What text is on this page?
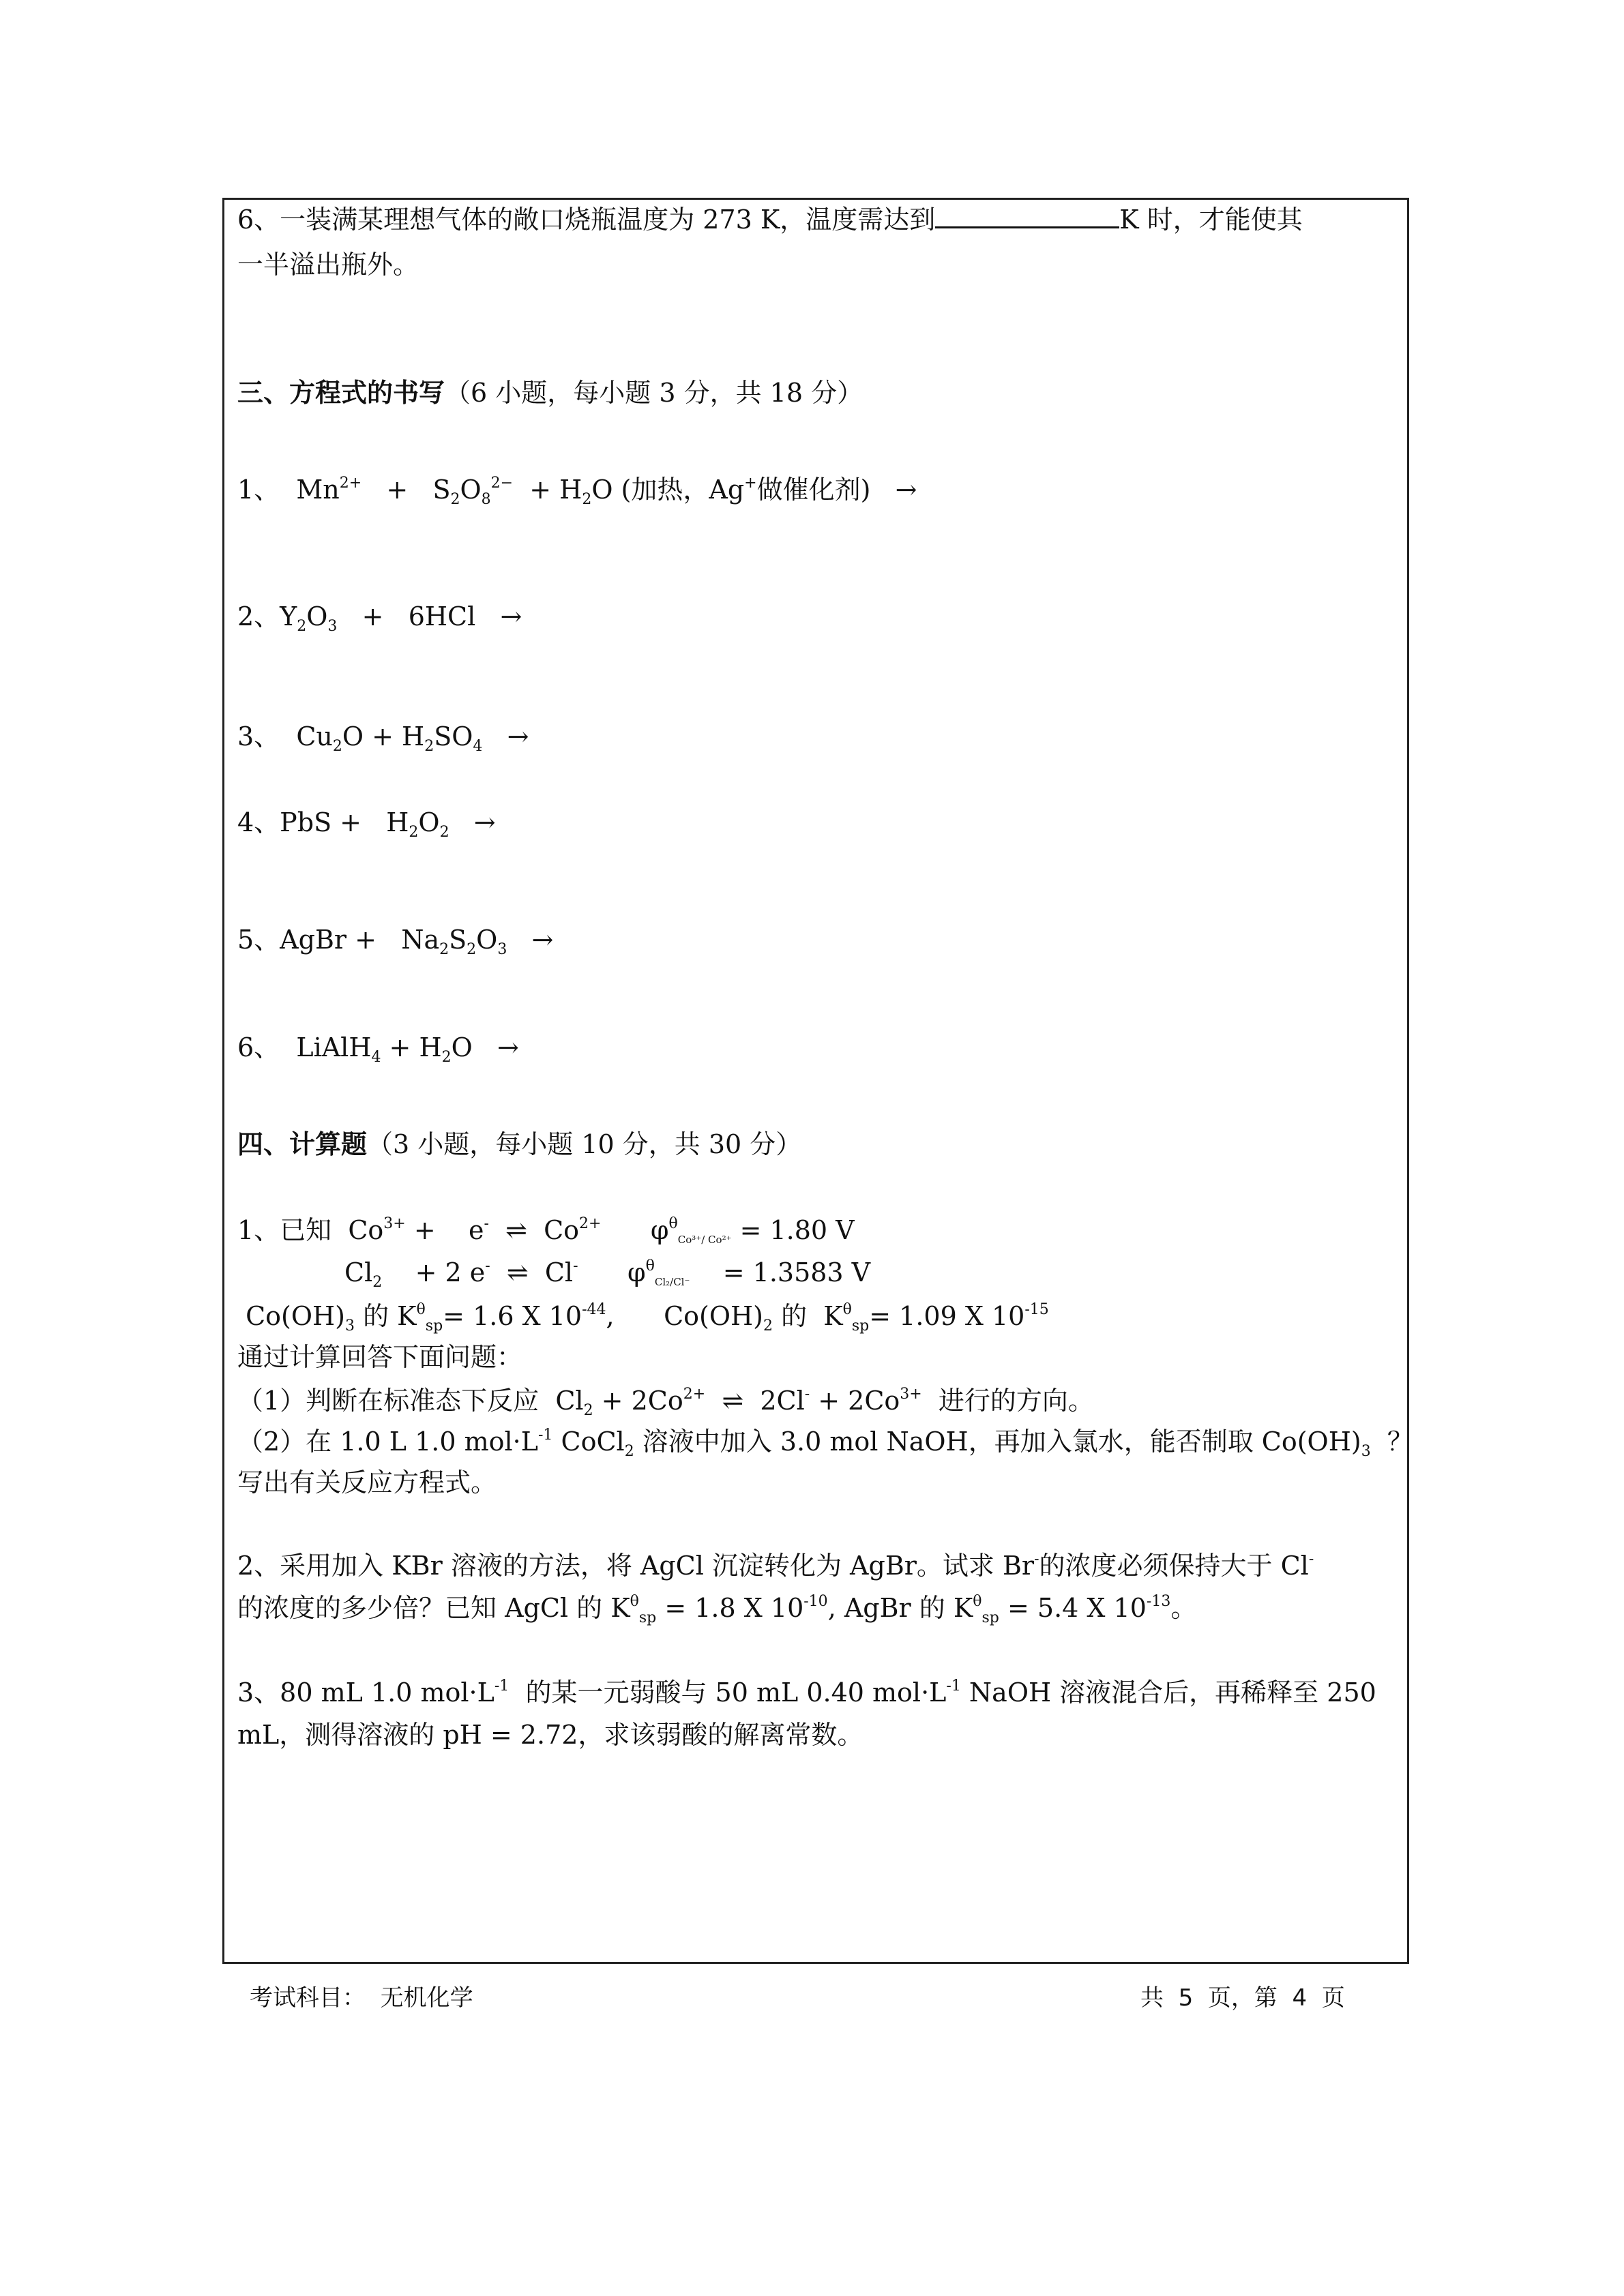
6、一装满某理想气体的敞口烧瓶温度为 273 K，温度需达到	K 时，才能使其
一半溢出瓶外。
三、方程式的书写（6 小题，每小题 3 分，共 18 分）
1、  $Mn^{2+} + S_2O_8^{2-} + H_2O$ (加热，Ag+做催化剂)   →
2、$Y_2O_3 + 6HCl$   →
3、  $Cu_2O + H_2SO_4$   →
4、PbS +   $H_2O_2$   →
5、AgBr +   $Na_2S_2O_3$   →
6、  LiAlH$_4$ + $H_2O$   →
四、计算题（3 小题，每小题 10 分，共 30 分）
1、已知  $Co^{3+}$ +    e-  ⇌  $Co^{2+}$      $\varphi^\theta Co^{3+}/$ Co²⁺ = 1.80 V
$Cl_2$    + 2 e-  ⇌  Cl-      $\varphi^\theta Cl_2/Cl^-$    = 1.3583 V
$Co(OH)_3$ 的 $K^\theta_{sp}= 1.6$ X $10^{-44}$,      $Co(OH)_2$ 的  $K^\theta_{sp}= 1.09$ X $10^{-15}$
通过计算回答下面问题：
（1）判断在标准态下反应  $Cl_2 + 2Co^{2+}$  ⇌  $2Cl^- + 2Co^{3+}$  进行的方向。
（2）在 1.0 L 1.0 $mol\cdot L^{-1}$ CoCl$_2$ 溶液中加入 3.0 mol NaOH，再加入氯水，能否制取 $Co(OH)_3$  ？
写出有关反应方程式。
2、采用加入 KBr 溶液的方法，将 AgCl 沉淀转化为 AgBr。试求 Br-的浓度必须保持大于 Cl-
的浓度的多少倍？已知 AgCl 的 $K^\theta_{sp} = 1.8$ X $10^{-10}$, AgBr 的 $K^\theta_{sp} = 5.4$ X $10^{-13}$。
3、80 mL 1.0 $mol\cdot L^{-1}$  的某一元弱酸与 50 mL 0.40 $mol\cdot L^{-1}$ NaOH 溶液混合后，再稀释至 250
mL，测得溶液的 pH = 2.72，求该弱酸的解离常数。
考试科目：  无机化学	共  5  页，第  4  页
